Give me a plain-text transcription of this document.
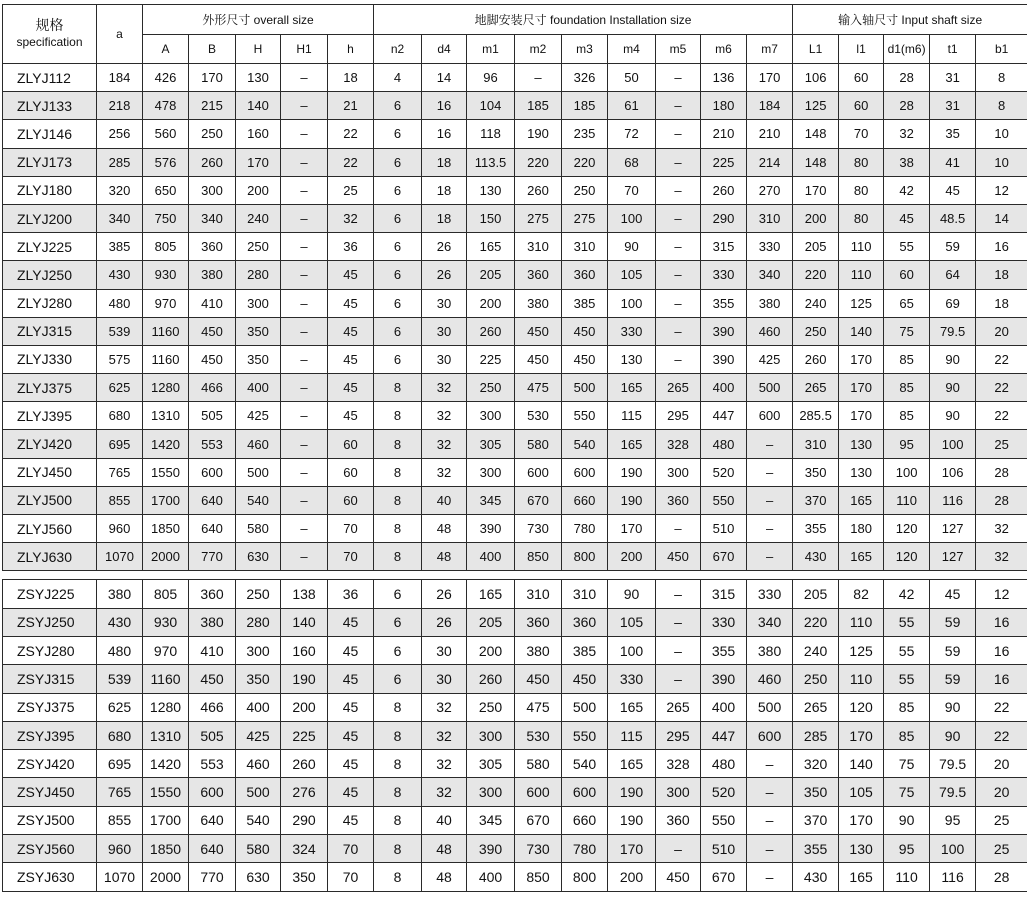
规格
specification	a	外形尺寸 overall size					地脚安装尺寸 foundation Installation size									输入轴尺寸 Input shaft size				
		A	B	H	H1	h	n2	d4	m1	m2	m3	m4	m5	m6	m7	L1	l1	d1(m6)	t1	b1
ZLYJ112	184	426	170	130	–	18	4	14	96	–	326	50	–	136	170	106	60	28	31	8
ZLYJ133	218	478	215	140	–	21	6	16	104	185	185	61	–	180	184	125	60	28	31	8
ZLYJ146	256	560	250	160	–	22	6	16	118	190	235	72	–	210	210	148	70	32	35	10
ZLYJ173	285	576	260	170	–	22	6	18	113.5	220	220	68	–	225	214	148	80	38	41	10
ZLYJ180	320	650	300	200	–	25	6	18	130	260	250	70	–	260	270	170	80	42	45	12
ZLYJ200	340	750	340	240	–	32	6	18	150	275	275	100	–	290	310	200	80	45	48.5	14
ZLYJ225	385	805	360	250	–	36	6	26	165	310	310	90	–	315	330	205	110	55	59	16
ZLYJ250	430	930	380	280	–	45	6	26	205	360	360	105	–	330	340	220	110	60	64	18
ZLYJ280	480	970	410	300	–	45	6	30	200	380	385	100	–	355	380	240	125	65	69	18
ZLYJ315	539	1160	450	350	–	45	6	30	260	450	450	330	–	390	460	250	140	75	79.5	20
ZLYJ330	575	1160	450	350	–	45	6	30	225	450	450	130	–	390	425	260	170	85	90	22
ZLYJ375	625	1280	466	400	–	45	8	32	250	475	500	165	265	400	500	265	170	85	90	22
ZLYJ395	680	1310	505	425	–	45	8	32	300	530	550	115	295	447	600	285.5	170	85	90	22
ZLYJ420	695	1420	553	460	–	60	8	32	305	580	540	165	328	480	–	310	130	95	100	25
ZLYJ450	765	1550	600	500	–	60	8	32	300	600	600	190	300	520	–	350	130	100	106	28
ZLYJ500	855	1700	640	540	–	60	8	40	345	670	660	190	360	550	–	370	165	110	116	28
ZLYJ560	960	1850	640	580	–	70	8	48	390	730	780	170	–	510	–	355	180	120	127	32
ZLYJ630	1070	2000	770	630	–	70	8	48	400	850	800	200	450	670	–	430	165	120	127	32

ZSYJ225	380	805	360	250	138	36	6	26	165	310	310	90	–	315	330	205	82	42	45	12
ZSYJ250	430	930	380	280	140	45	6	26	205	360	360	105	–	330	340	220	110	55	59	16
ZSYJ280	480	970	410	300	160	45	6	30	200	380	385	100	–	355	380	240	125	55	59	16
ZSYJ315	539	1160	450	350	190	45	6	30	260	450	450	330	–	390	460	250	110	55	59	16
ZSYJ375	625	1280	466	400	200	45	8	32	250	475	500	165	265	400	500	265	120	85	90	22
ZSYJ395	680	1310	505	425	225	45	8	32	300	530	550	115	295	447	600	285	170	85	90	22
ZSYJ420	695	1420	553	460	260	45	8	32	305	580	540	165	328	480	–	320	140	75	79.5	20
ZSYJ450	765	1550	600	500	276	45	8	32	300	600	600	190	300	520	–	350	105	75	79.5	20
ZSYJ500	855	1700	640	540	290	45	8	40	345	670	660	190	360	550	–	370	170	90	95	25
ZSYJ560	960	1850	640	580	324	70	8	48	390	730	780	170	–	510	–	355	130	95	100	25
ZSYJ630	1070	2000	770	630	350	70	8	48	400	850	800	200	450	670	–	430	165	110	116	28
